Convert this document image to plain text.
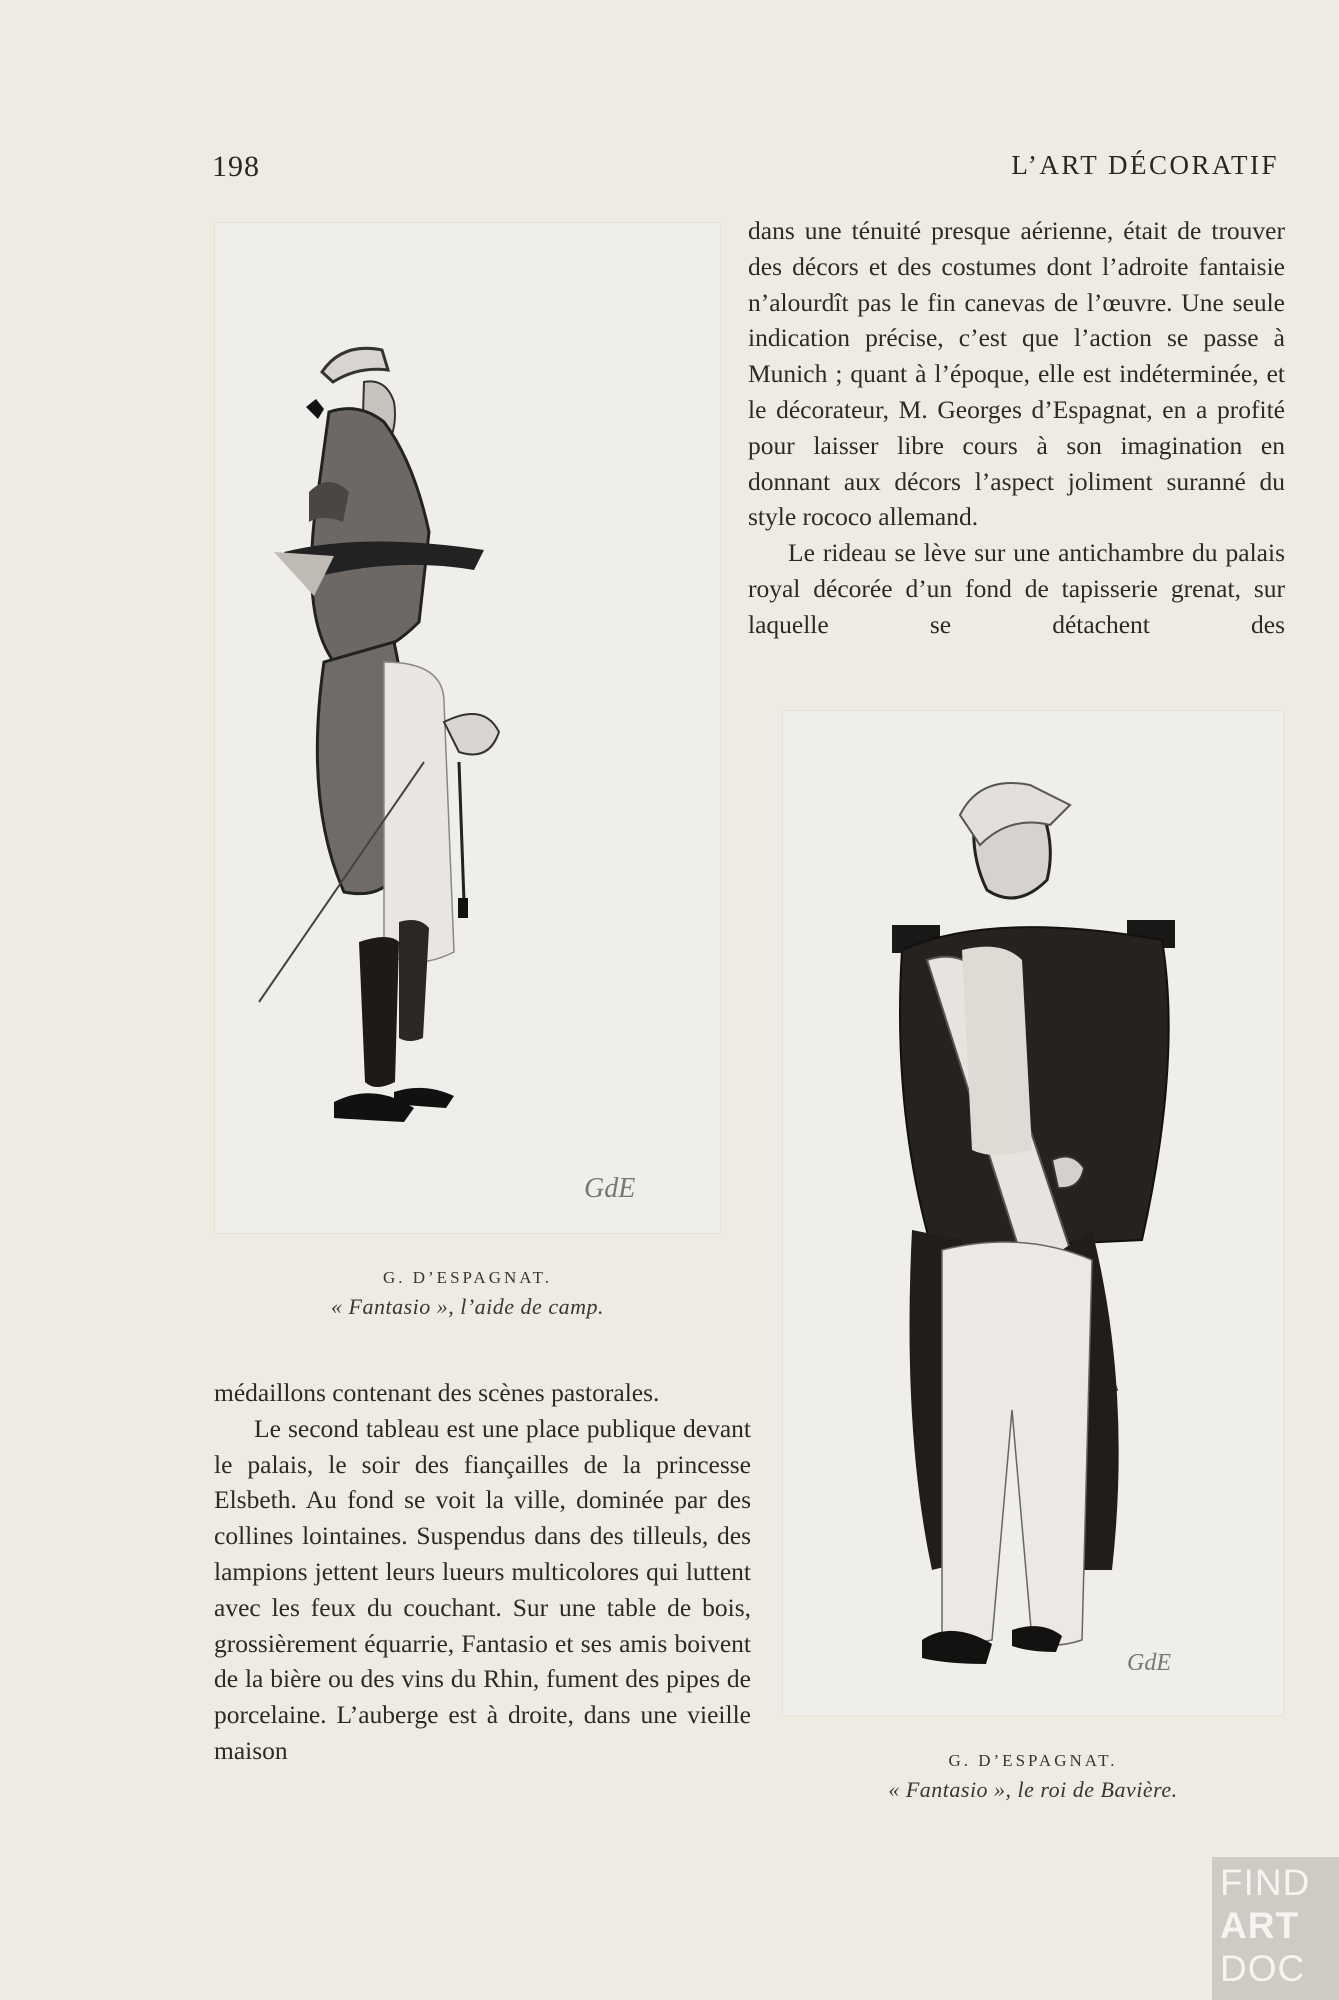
198	L’ART DÉCORATIF

dans une ténuité presque aérienne, était de trouver des décors et des costumes dont l’adroite fantaisie n’alourdît pas le fin canevas de l’œuvre. Une seule indication précise, c’est que l’action se passe à Munich ; quant à l’époque, elle est indéterminée, et le décorateur, M. Georges d’Espagnat, en a profité pour laisser libre cours à son imagination en donnant aux décors l’aspect joliment suranné du style rococo allemand.

Le rideau se lève sur une antichambre du palais royal décorée d’un fond de tapisserie grenat, sur laquelle se détachent des

GdE
G. D’ESPAGNAT.
« Fantasio », l’aide de camp.
GdE
G. D’ESPAGNAT.
« Fantasio », le roi de Bavière.

médaillons contenant des scènes pastorales.

Le second tableau est une place publique devant le palais, le soir des fiançailles de la princesse Elsbeth. Au fond se voit la ville, dominée par des collines lointaines. Suspendus dans des tilleuls, des lampions jettent leurs lueurs multicolores qui luttent avec les feux du couchant. Sur une table de bois, grossièrement équarrie, Fantasio et ses amis boivent de la bière ou des vins du Rhin, fument des pipes de porcelaine. L’auberge est à droite, dans une vieille maison

FIND
ART
DOC
